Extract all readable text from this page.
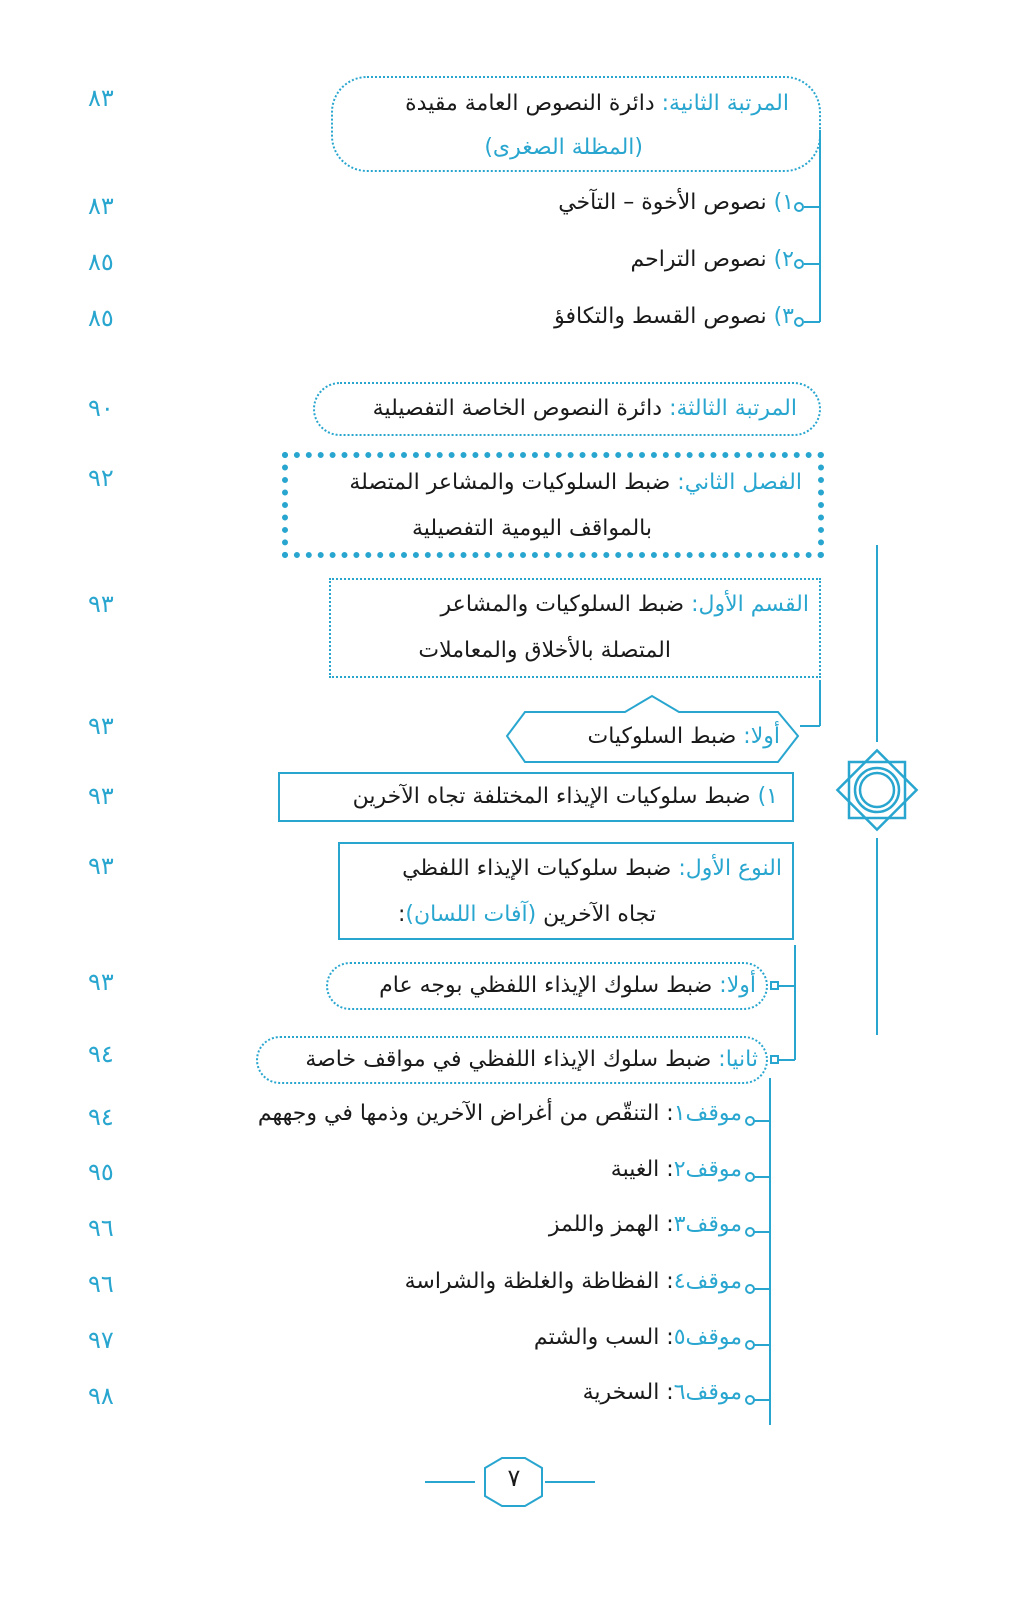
المرتبة الثانية: دائرة النصوص العامة مقيدة
(المظلة الصغرى)
٨٣
١) نصوص الأخوة – التآخي
٨٣
٢) نصوص التراحم
٨٥
٣) نصوص القسط والتكافؤ
٨٥
المرتبة الثالثة: دائرة النصوص الخاصة التفصيلية
٩٠
الفصل الثاني: ضبط السلوكيات والمشاعر المتصلة
بالمواقف اليومية التفصيلية
٩٢
القسم الأول: ضبط السلوكيات والمشاعر
المتصلة بالأخلاق والمعاملات
٩٣
أولا: ضبط السلوكيات
٩٣
١) ضبط سلوكيات الإيذاء المختلفة تجاه الآخرين
٩٣
النوع الأول: ضبط سلوكيات الإيذاء اللفظي
تجاه الآخرين (آفات اللسان):
٩٣
أولا: ضبط سلوك الإيذاء اللفظي بوجه عام
٩٣
ثانيا: ضبط سلوك الإيذاء اللفظي في مواقف خاصة
٩٤
موقف١: التنقّص من أغراض الآخرين وذمها في وجههم
٩٤
موقف٢: الغيبة
٩٥
موقف٣: الهمز واللمز
٩٦
موقف٤: الفظاظة والغلظة والشراسة
٩٦
موقف٥: السب والشتم
٩٧
موقف٦: السخرية
٩٨
٧
